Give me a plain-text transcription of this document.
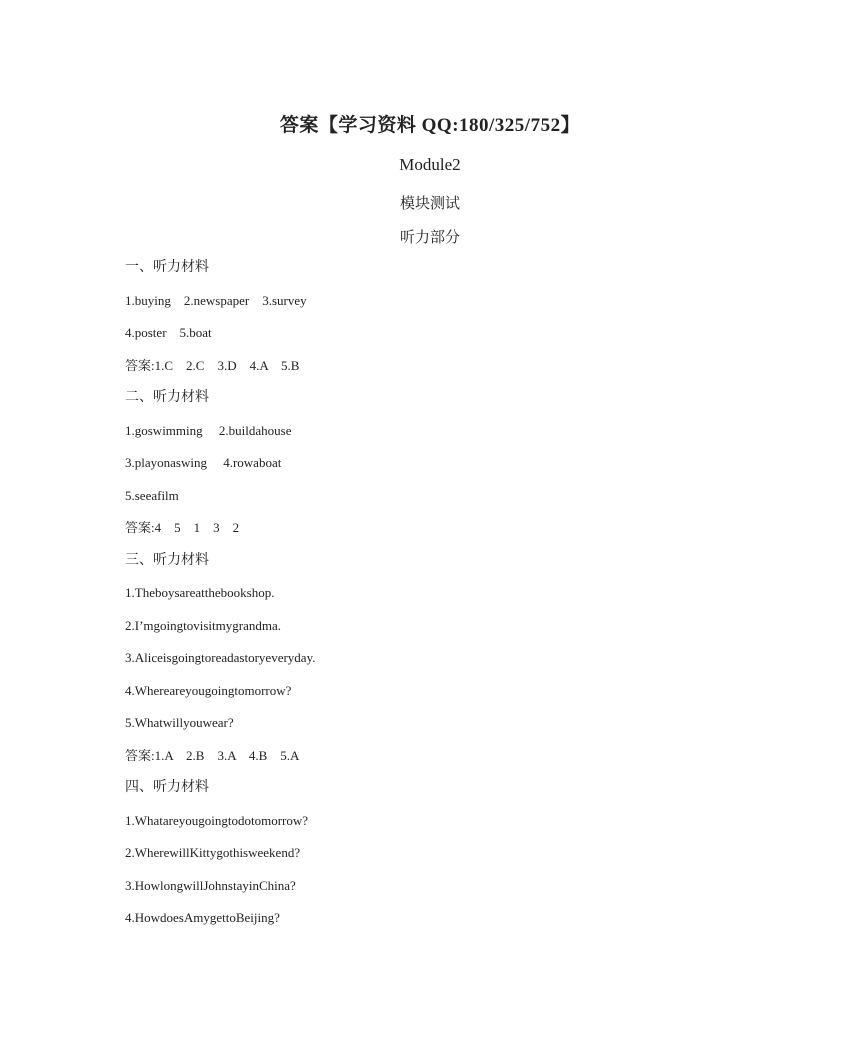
答案【学习资料 QQ:180/325/752】
Module2
模块测试
听力部分
一、听力材料
1.buying    2.newspaper    3.survey
4.poster    5.boat
答案:1.C    2.C    3.D    4.A    5.B
二、听力材料
1.goswimming     2.buildahouse
3.playonaswing     4.rowaboat
5.seeafilm
答案:4    5    1    3    2
三、听力材料
1.Theboysareatthebookshop.
2.I’mgoingtovisitmygrandma.
3.Aliceisgoingtoreadastoryeveryday.
4.Whereareyougoingtomorrow?
5.Whatwillyouwear?
答案:1.A    2.B    3.A    4.B    5.A
四、听力材料
1.Whatareyougoingtodotomorrow?
2.WherewillKittygothisweekend?
3.HowlongwillJohnstayinChina?
4.HowdoesAmygettoBeijing?
